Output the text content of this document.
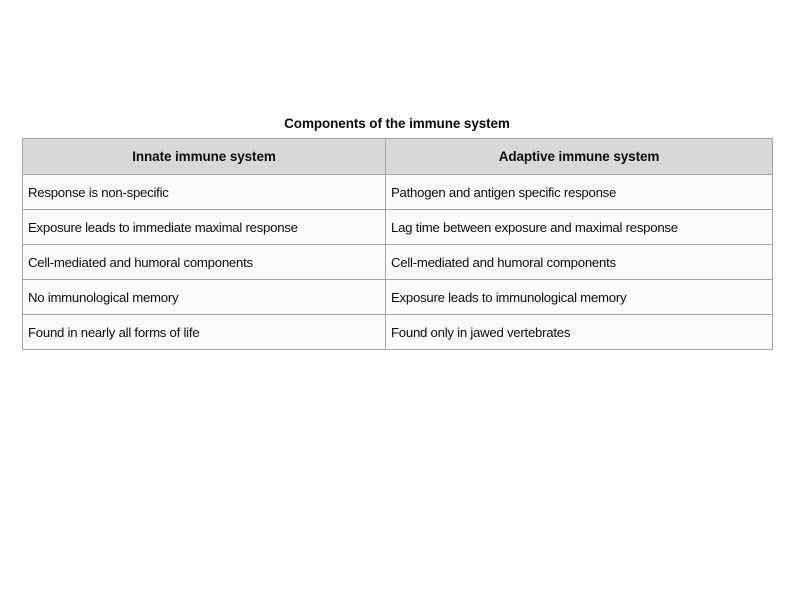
Components of the immune system
Innate immune system	Adaptive immune system
Response is non-specific	Pathogen and antigen specific response
Exposure leads to immediate maximal response	Lag time between exposure and maximal response
Cell-mediated and humoral components	Cell-mediated and humoral components
No immunological memory	Exposure leads to immunological memory
Found in nearly all forms of life	Found only in jawed vertebrates
